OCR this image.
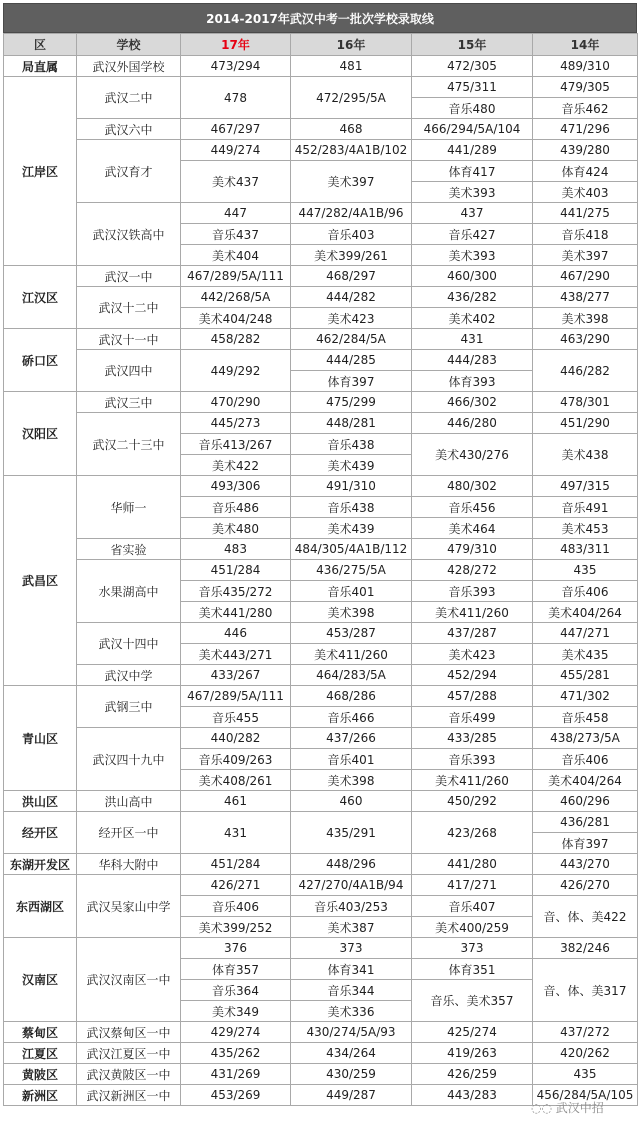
2014-2017年武汉中考一批次学校录取线
区	学校	17年	16年	15年	14年
局直属	武汉外国学校	473/294	481	472/305	489/310
江岸区	武汉二中	478	472/295/5A	475/311	479/305
				音乐480	音乐462
	武汉六中	467/297	468	466/294/5A/104	471/296
	武汉育才	449/274	452/283/4A1B/102	441/289	439/280
		美术437	美术397	体育417	体育424
				美术393	美术403
	武汉汉铁高中	447	447/282/4A1B/96	437	441/275
		音乐437	音乐403	音乐427	音乐418
		美术404	美术399/261	美术393	美术397
江汉区	武汉一中	467/289/5A/111	468/297	460/300	467/290
	武汉十二中	442/268/5A	444/282	436/282	438/277
		美术404/248	美术423	美术402	美术398
硚口区	武汉十一中	458/282	462/284/5A	431	463/290
	武汉四中	449/292	444/285	444/283	446/282
			体育397	体育393	
汉阳区	武汉三中	470/290	475/299	466/302	478/301
	武汉二十三中	445/273	448/281	446/280	451/290
		音乐413/267	音乐438	美术430/276	美术438
		美术422	美术439		
武昌区	华师一	493/306	491/310	480/302	497/315
		音乐486	音乐438	音乐456	音乐491
		美术480	美术439	美术464	美术453
	省实验	483	484/305/4A1B/112	479/310	483/311
	水果湖高中	451/284	436/275/5A	428/272	435
		音乐435/272	音乐401	音乐393	音乐406
		美术441/280	美术398	美术411/260	美术404/264
	武汉十四中	446	453/287	437/287	447/271
		美术443/271	美术411/260	美术423	美术435
	武汉中学	433/267	464/283/5A	452/294	455/281
青山区	武钢三中	467/289/5A/111	468/286	457/288	471/302
		音乐455	音乐466	音乐499	音乐458
	武汉四十九中	440/282	437/266	433/285	438/273/5A
		音乐409/263	音乐401	音乐393	音乐406
		美术408/261	美术398	美术411/260	美术404/264
洪山区	洪山高中	461	460	450/292	460/296
经开区	经开区一中	431	435/291	423/268	436/281
					体育397
东湖开发区	华科大附中	451/284	448/296	441/280	443/270
东西湖区	武汉吴家山中学	426/271	427/270/4A1B/94	417/271	426/270
		音乐406	音乐403/253	音乐407	音、体、美422
		美术399/252	美术387	美术400/259	
汉南区	武汉汉南区一中	376	373	373	382/246
		体育357	体育341	体育351	音、体、美317
		音乐364	音乐344	音乐、美术357	
		美术349	美术336		
蔡甸区	武汉蔡甸区一中	429/274	430/274/5A/93	425/274	437/272
江夏区	武汉江夏区一中	435/262	434/264	419/263	420/262
黄陂区	武汉黄陂区一中	431/269	430/259	426/259	435
新洲区	武汉新洲区一中	453/269	449/287	443/283	456/284/5A/105
◌◌ 武汉中招
